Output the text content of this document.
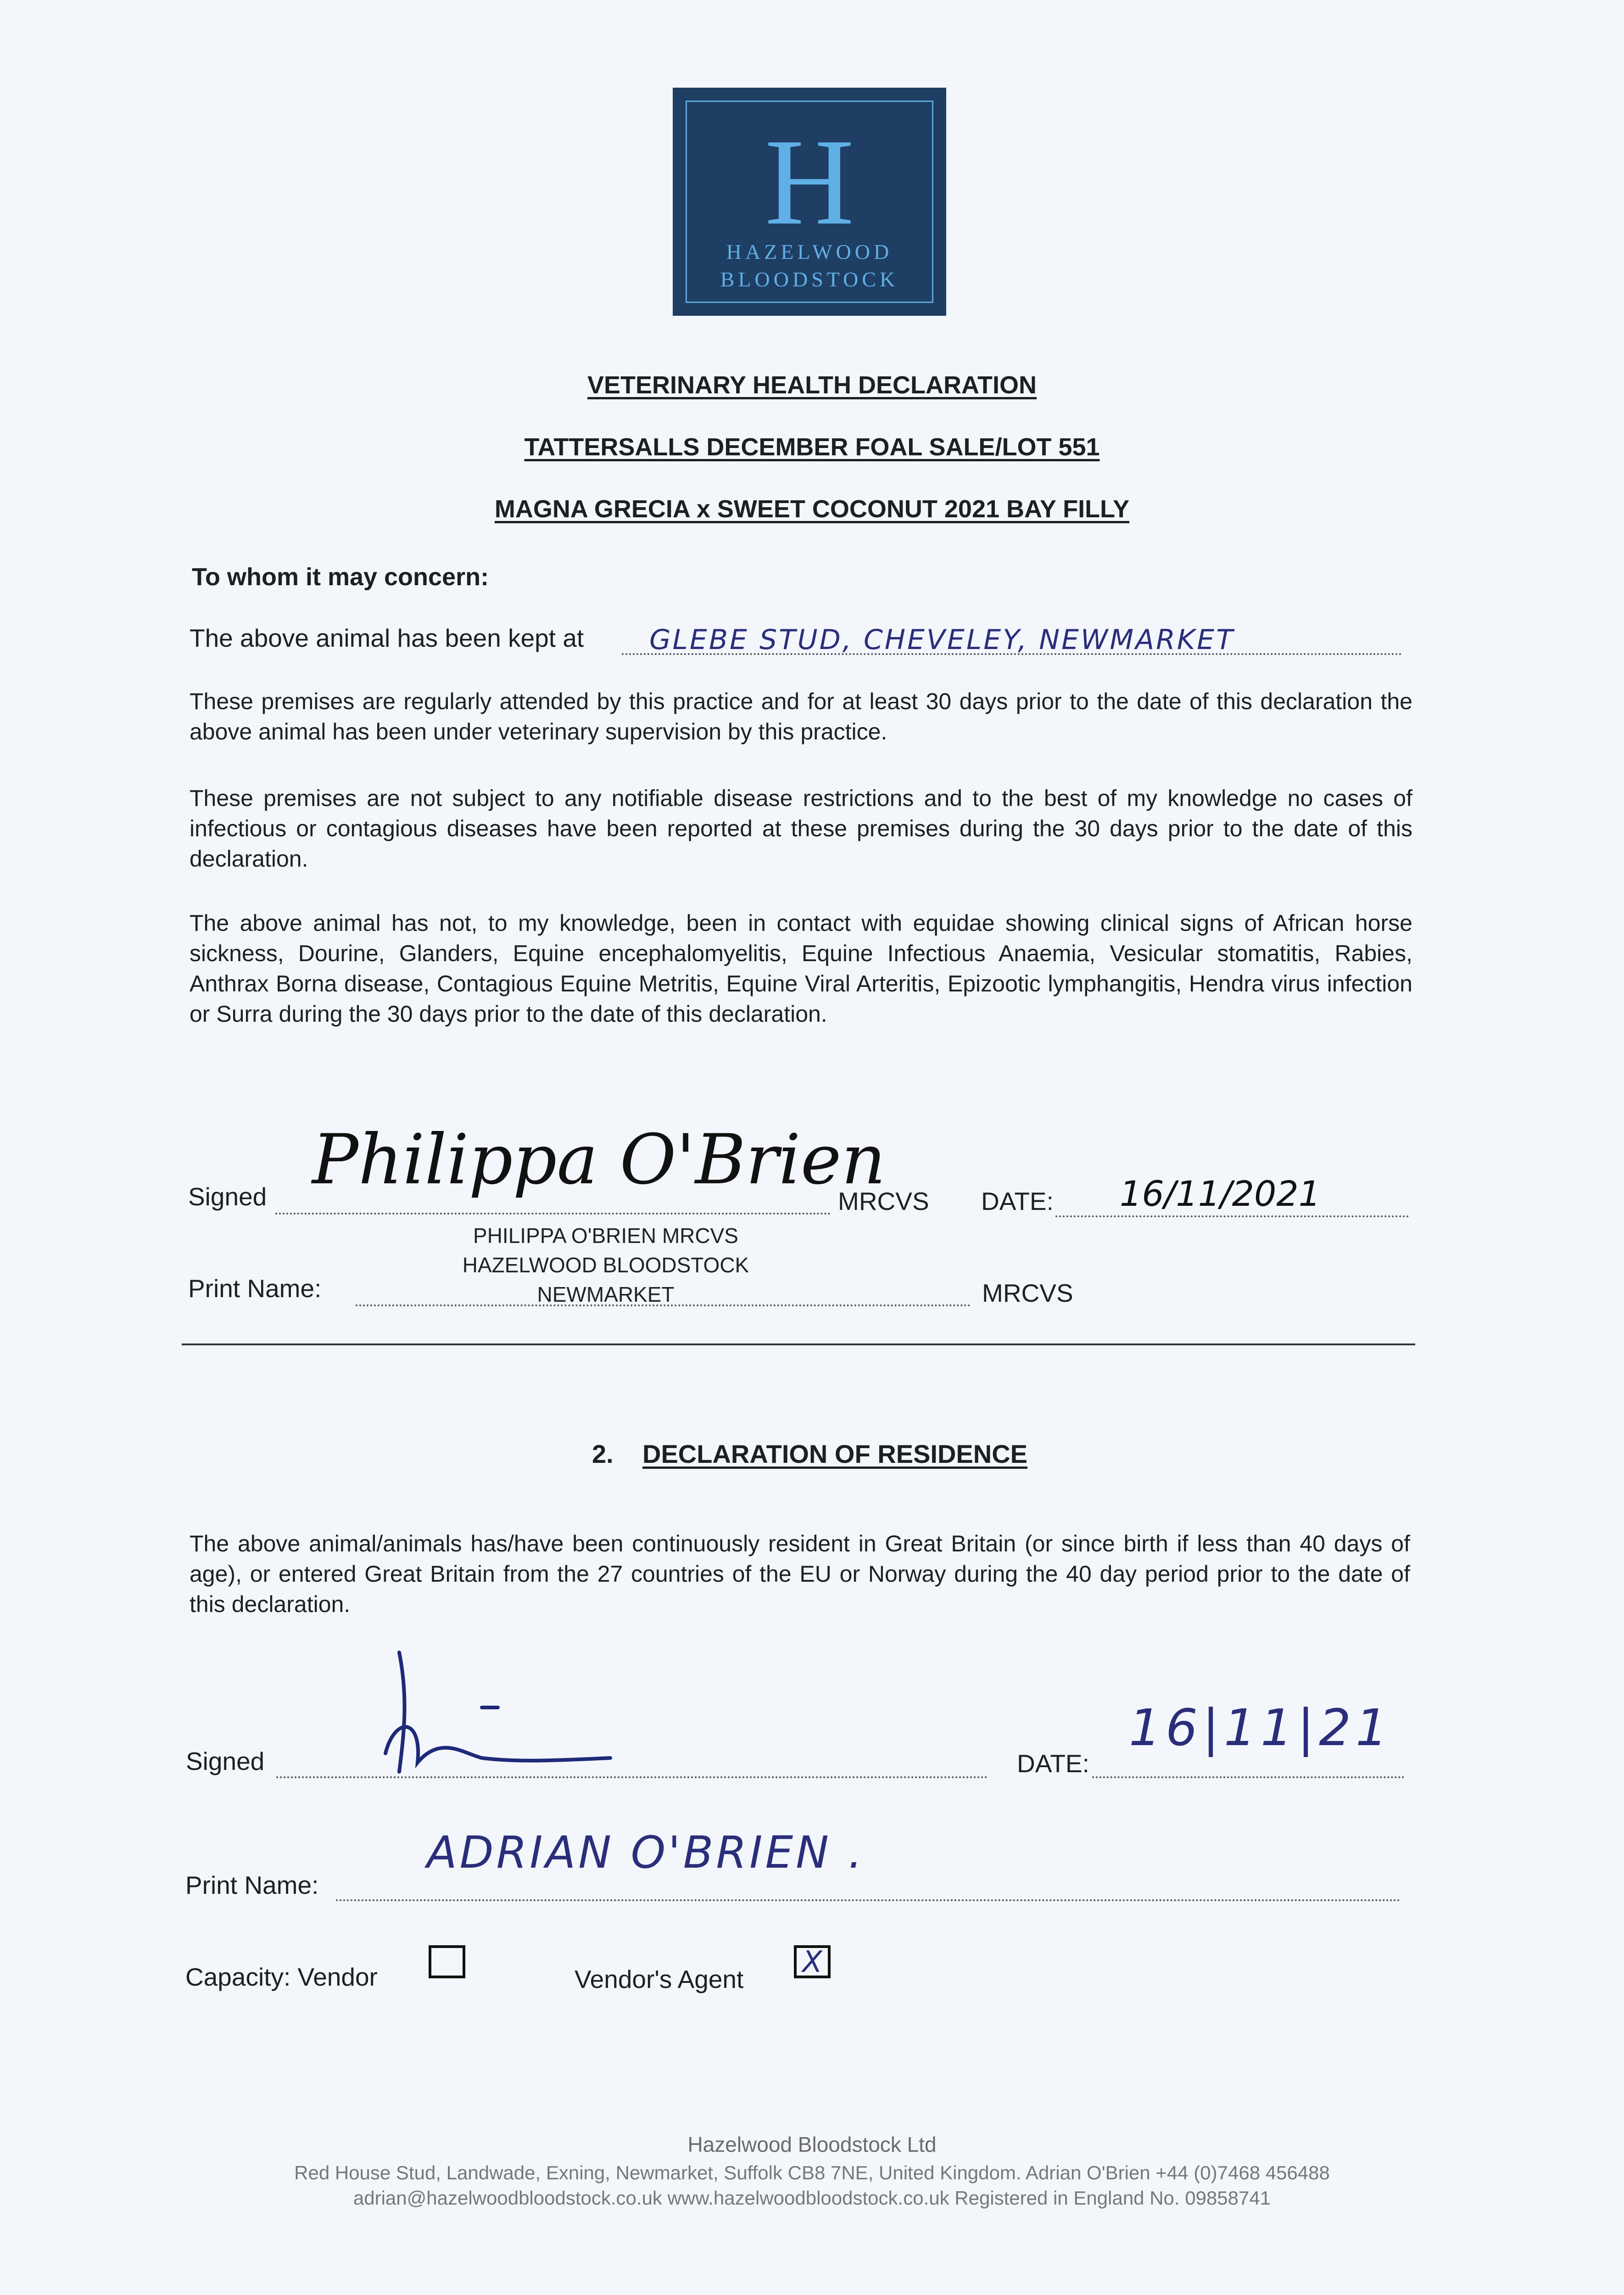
H
HAZELWOOD
BLOODSTOCK
VETERINARY HEALTH DECLARATION
TATTERSALLS DECEMBER FOAL SALE/LOT 551
MAGNA GRECIA x SWEET COCONUT 2021 BAY FILLY
To whom it may concern:
The above animal has been kept at GLEBE STUD, CHEVELEY, NEWMARKET
These premises are regularly attended by this practice and for at least 30 days prior to the date of this declaration the above animal has been under veterinary supervision by this practice.
These premises are not subject to any notifiable disease restrictions and to the best of my knowledge no cases of infectious or contagious diseases have been reported at these premises during the 30 days prior to the date of this declaration.
The above animal has not, to my knowledge, been in contact with equidae showing clinical signs of African horse sickness, Dourine, Glanders, Equine encephalomyelitis, Equine Infectious Anaemia, Vesicular stomatitis, Rabies, Anthrax Borna disease, Contagious Equine Metritis, Equine Viral Arteritis, Epizootic lymphangitis, Hendra virus infection or Surra during the 30 days prior to the date of this declaration.
Signed Philippa O'Brien
MRCVS DATE: 16/11/2021
Print Name:
PHILIPPA O'BRIEN MRCVS
HAZELWOOD BLOODSTOCK
NEWMARKET	MRCVS
2. DECLARATION OF RESIDENCE
The above animal/animals has/have been continuously resident in Great Britain (or since birth if less than 40 days of age), or entered Great Britain from the 27 countries of the EU or Norway during the 40 day period prior to the date of this declaration.
Signed	DATE:
16|11|21
Print Name:
ADRIAN O'BRIEN .
Capacity: Vendor	Vendor's Agent X
Hazelwood Bloodstock Ltd
Red House Stud, Landwade, Exning, Newmarket, Suffolk CB8 7NE, United Kingdom. Adrian O'Brien +44 (0)7468 456488
adrian@hazelwoodbloodstock.co.uk www.hazelwoodbloodstock.co.uk Registered in England No. 09858741
